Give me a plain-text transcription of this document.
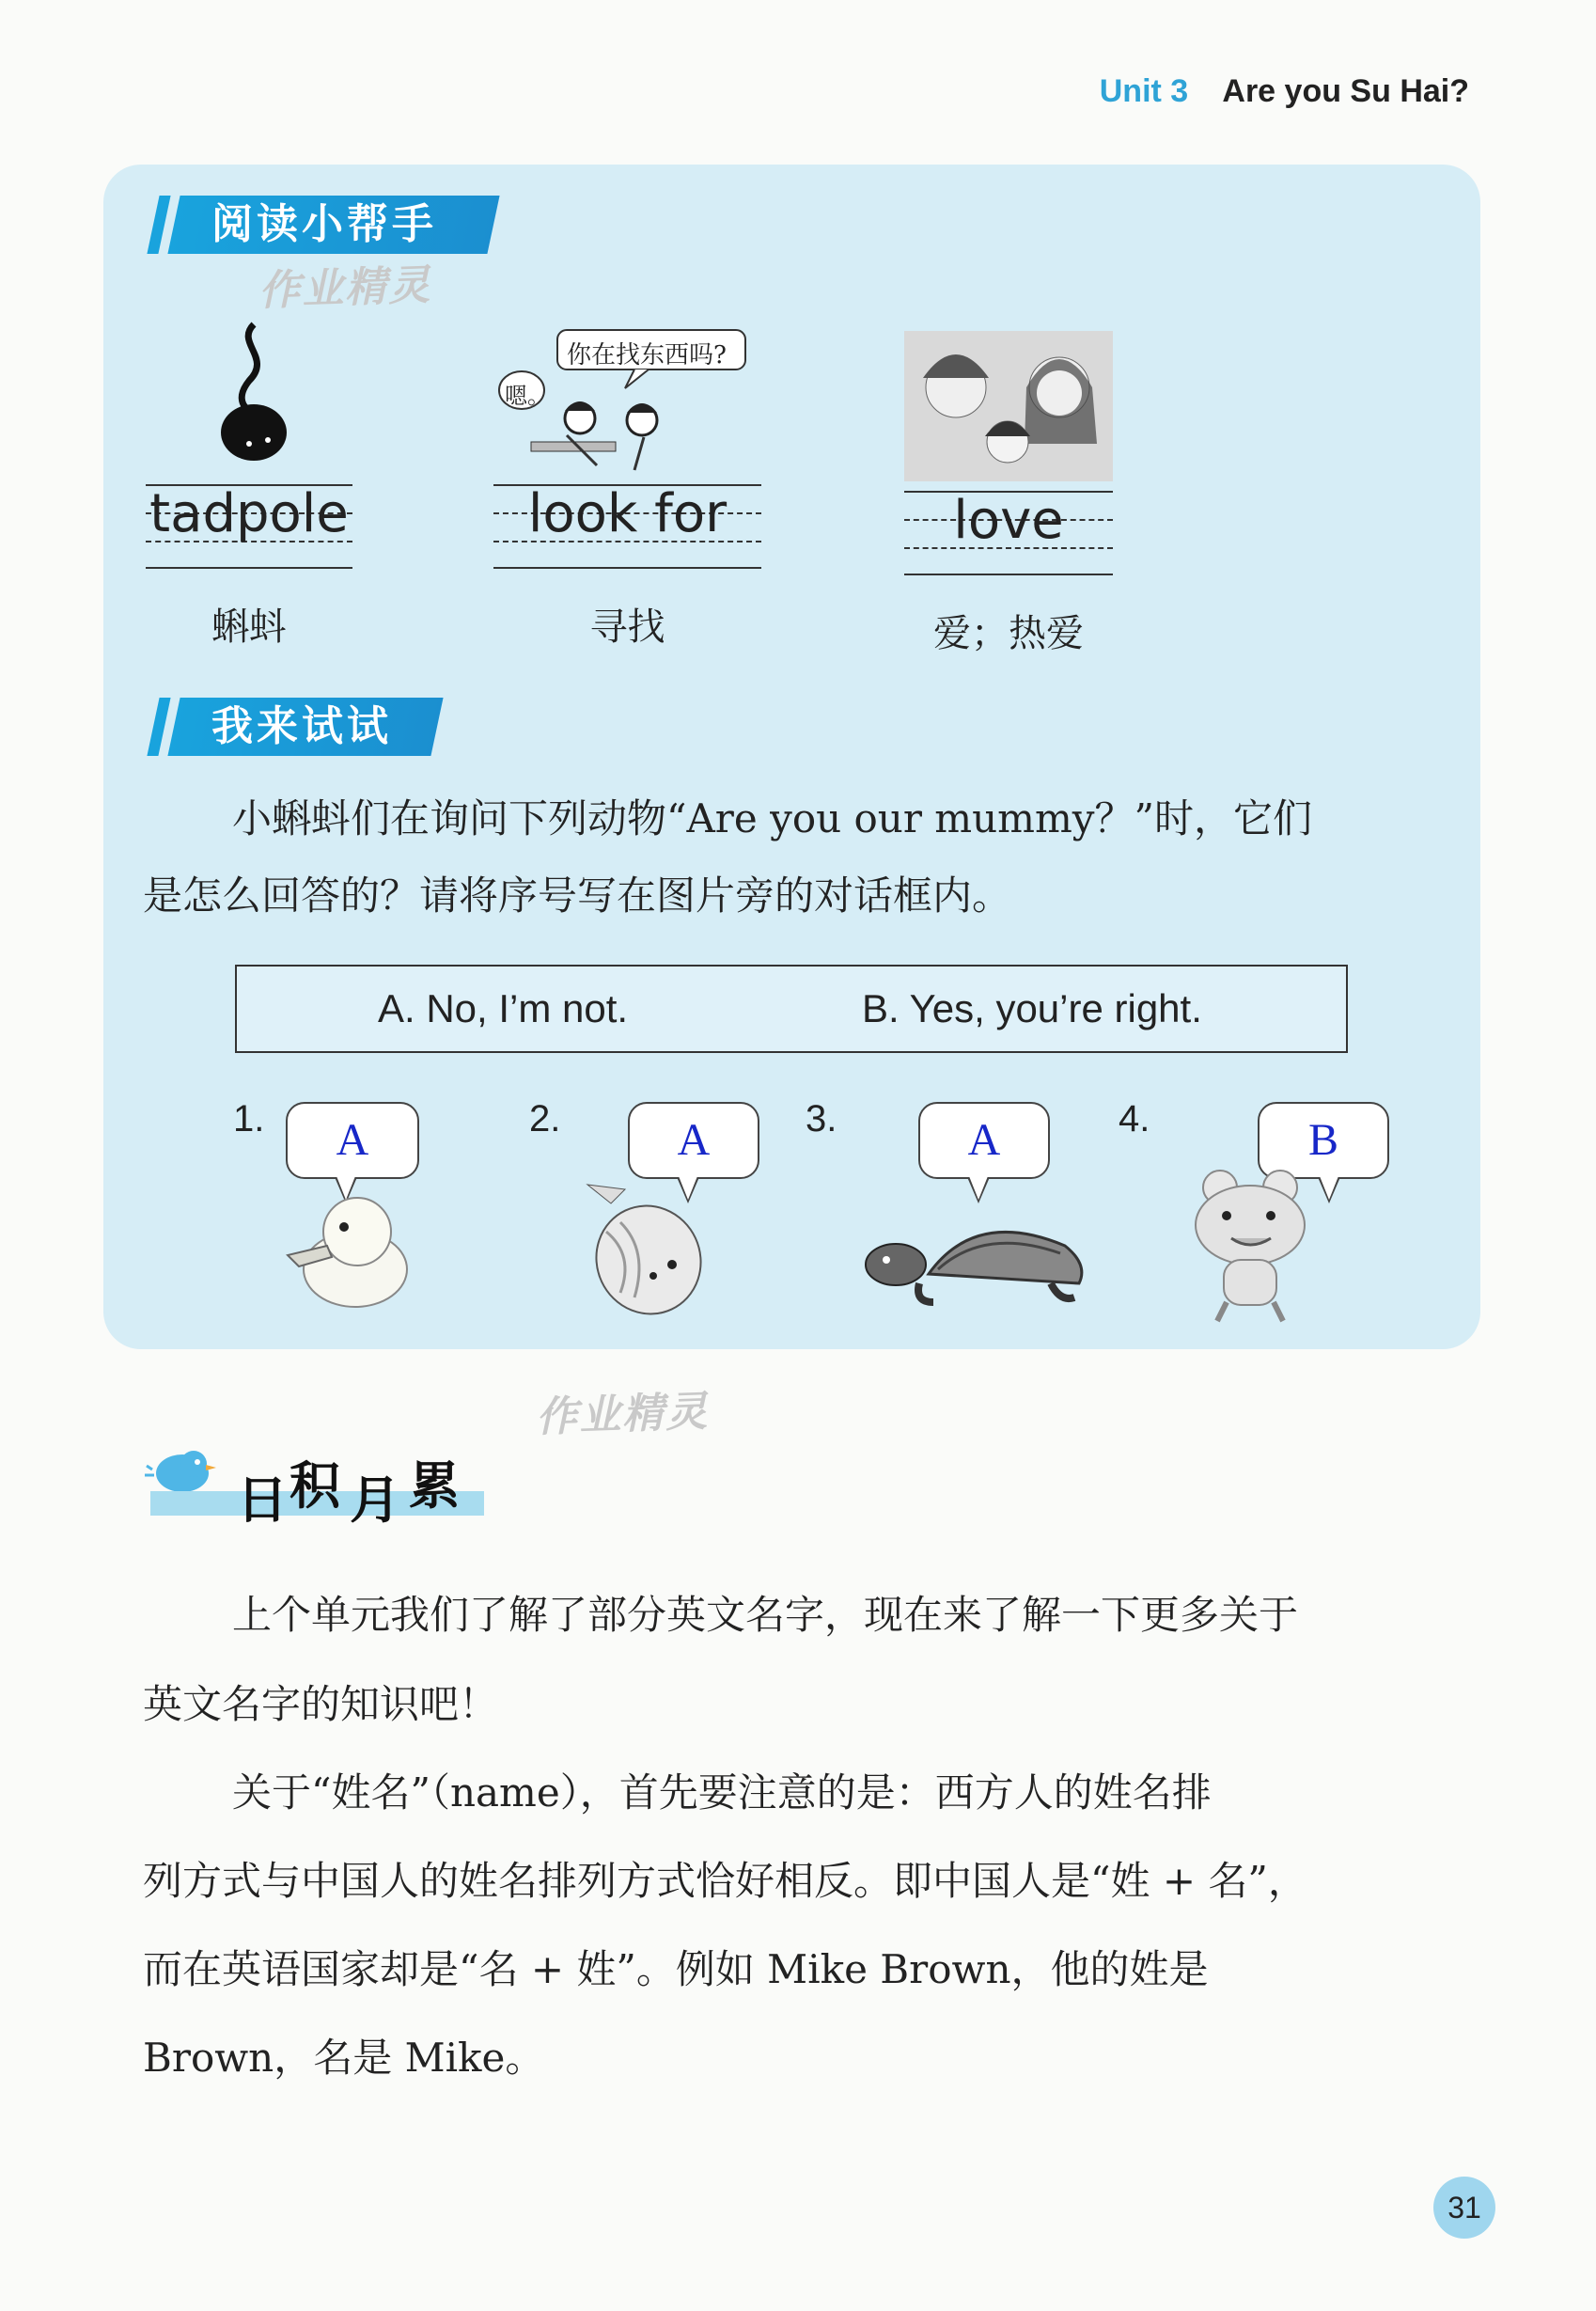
Unit 3 Are you Su Hai?
阅读小帮手
作业精灵
tadpole
蝌蚪
你在找东西吗?
嗯。
look for
寻找
love
爱；热爱
我来试试
小蝌蚪们在询问下列动物“Are you our mummy？”时，它们
是怎么回答的？请将序号写在图片旁的对话框内。
A. No, I’m not.	B. Yes, you’re right.
1.	A	2.	A	3.	A	4.	B
作业精灵
日 积 月 累
上个单元我们了解了部分英文名字，现在来了解一下更多关于
英文名字的知识吧！
关于“姓名”（name），首先要注意的是：西方人的姓名排
列方式与中国人的姓名排列方式恰好相反。即中国人是“姓 + 名”，
而在英语国家却是“名 + 姓”。例如 Mike Brown，他的姓是
Brown，名是 Mike。
31
